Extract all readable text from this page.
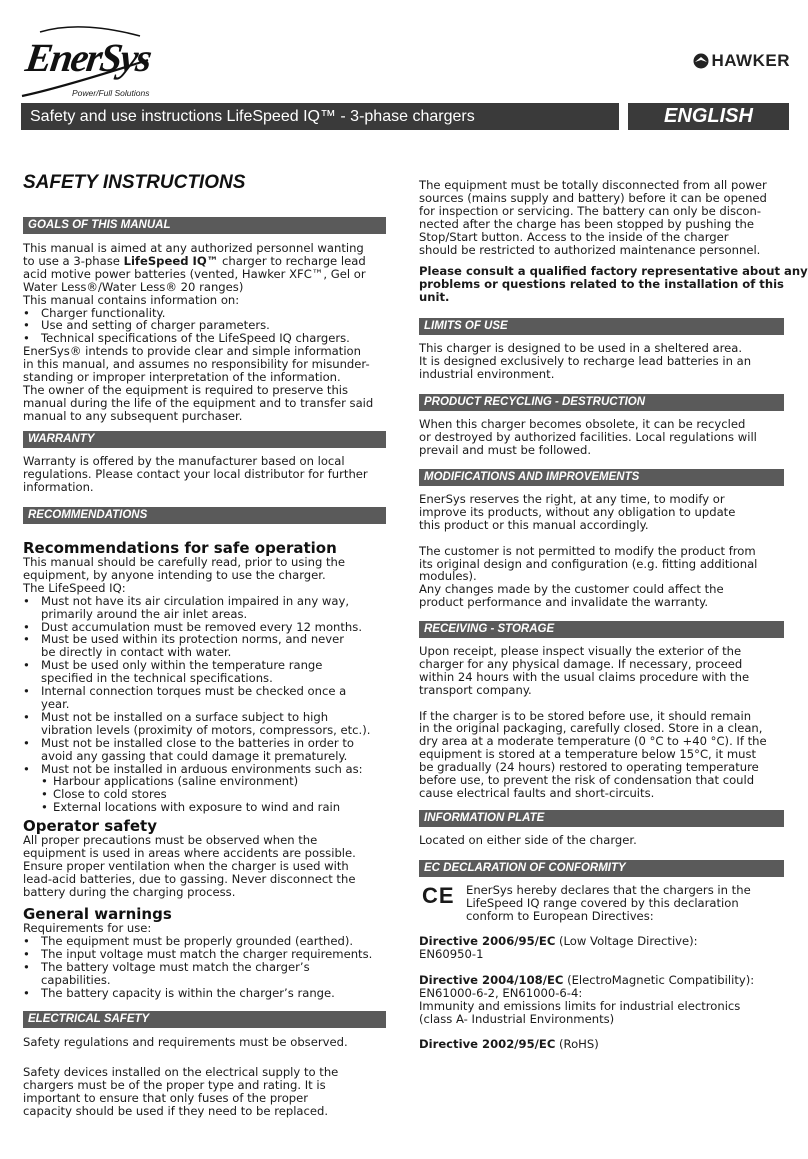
EnerSys
Power/Full Solutions
HAWKER
Safety and use instructions LifeSpeed IQ™ - 3-phase chargers	ENGLISH
SAFETY INSTRUCTIONS
GOALS OF THIS MANUAL

This manual is aimed at any authorized personnel wanting

to use a 3-phase LifeSpeed IQ™ charger to recharge lead

acid motive power batteries (vented, Hawker XFC™, Gel or

Water Less®/Water Less® 20 ranges)

This manual contains information on:

• Charger functionality.
• Use and setting of charger parameters.
• Technical specifications of the LifeSpeed IQ chargers.

EnerSys® intends to provide clear and simple information

in this manual, and assumes no responsibility for misunder-

standing or improper interpretation of the information.

The owner of the equipment is required to preserve this

manual during the life of the equipment and to transfer said

manual to any subsequent purchaser.

WARRANTY

Warranty is offered by the manufacturer based on local

regulations. Please contact your local distributor for further

information.

RECOMMENDATIONS
Recommendations for safe operation

This manual should be carefully read, prior to using the

equipment, by anyone intending to use the charger.

The LifeSpeed IQ:

• Must not have its air circulation impaired in any way,

primarily around the air inlet areas.

• Dust accumulation must be removed every 12 months.
• Must be used within its protection norms, and never

be directly in contact with water.

• Must be used only within the temperature range

specified in the technical specifications.

• Internal connection torques must be checked once a

year.

• Must not be installed on a surface subject to high

vibration levels (proximity of motors, compressors, etc.).

• Must not be installed close to the batteries in order to

avoid any gassing that could damage it prematurely.

• Must not be installed in arduous environments such as:
• Harbour applications (saline environment)
• Close to cold stores
• External locations with exposure to wind and rain
Operator safety

All proper precautions must be observed when the

equipment is used in areas where accidents are possible.

Ensure proper ventilation when the charger is used with

lead-acid batteries, due to gassing. Never disconnect the

battery during the charging process.

General warnings

Requirements for use:

• The equipment must be properly grounded (earthed).
• The input voltage must match the charger requirements.
• The battery voltage must match the charger’s

capabilities.

• The battery capacity is within the charger’s range.
ELECTRICAL SAFETY

Safety regulations and requirements must be observed.

Safety devices installed on the electrical supply to the

chargers must be of the proper type and rating. It is

important to ensure that only fuses of the proper

capacity should be used if they need to be replaced.

The equipment must be totally disconnected from all power

sources (mains supply and battery) before it can be opened

for inspection or servicing. The battery can only be discon-

nected after the charge has been stopped by pushing the

Stop/Start button. Access to the inside of the charger

should be restricted to authorized maintenance personnel.

Please consult a qualified factory representative about any

problems or questions related to the installation of this

unit.

LIMITS OF USE

This charger is designed to be used in a sheltered area.

It is designed exclusively to recharge lead batteries in an

industrial environment.

PRODUCT RECYCLING - DESTRUCTION

When this charger becomes obsolete, it can be recycled

or destroyed by authorized facilities. Local regulations will

prevail and must be followed.

MODIFICATIONS AND IMPROVEMENTS

EnerSys reserves the right, at any time, to modify or

improve its products, without any obligation to update

this product or this manual accordingly.

The customer is not permitted to modify the product from

its original design and configuration (e.g. fitting additional

modules).

Any changes made by the customer could affect the

product performance and invalidate the warranty.

RECEIVING - STORAGE

Upon receipt, please inspect visually the exterior of the

charger for any physical damage. If necessary, proceed

within 24 hours with the usual claims procedure with the

transport company.

If the charger is to be stored before use, it should remain

in the original packaging, carefully closed. Store in a clean,

dry area at a moderate temperature (0 °C to +40 °C). If the

equipment is stored at a temperature below 15°C, it must

be gradually (24 hours) restored to operating temperature

before use, to prevent the risk of condensation that could

cause electrical faults and short-circuits.

INFORMATION PLATE

Located on either side of the charger.

EC DECLARATION OF CONFORMITY
CE EnerSys hereby declares that the chargers in the

LifeSpeed IQ range covered by this declaration

conform to European Directives:

Directive 2006/95/EC (Low Voltage Directive):

EN60950-1

Directive 2004/108/EC (ElectroMagnetic Compatibility):

EN61000-6-2, EN61000-6-4:

Immunity and emissions limits for industrial electronics

(class A- Industrial Environments)

Directive 2002/95/EC (RoHS)
